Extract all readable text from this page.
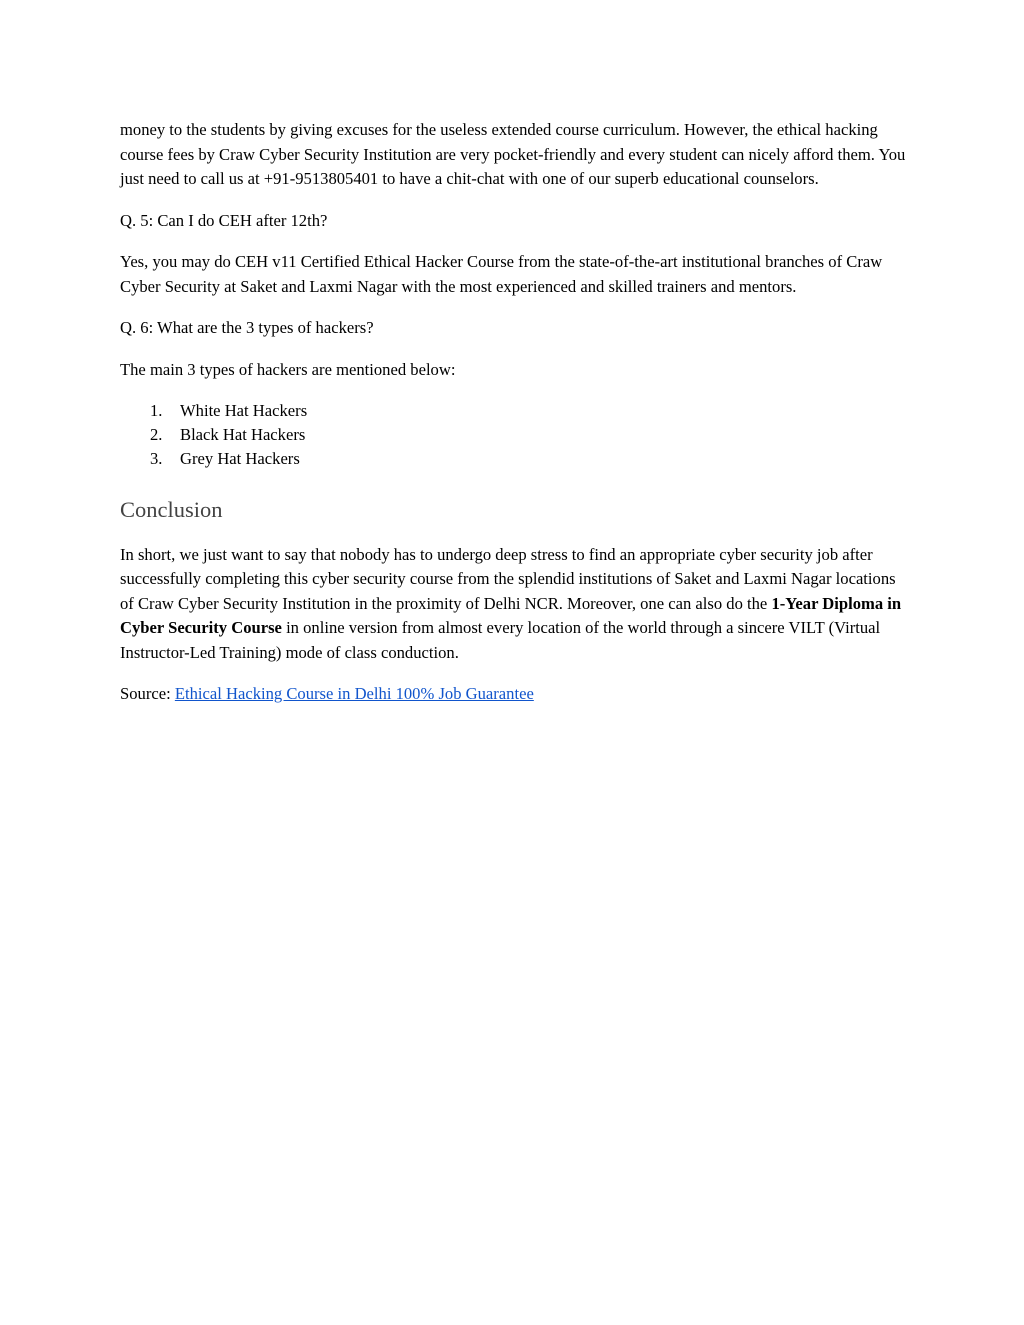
money to the students by giving excuses for the useless extended course curriculum. However, the ethical hacking course fees by Craw Cyber Security Institution are very pocket-friendly and every student can nicely afford them. You just need to call us at +91-9513805401 to have a chit-chat with one of our superb educational counselors.

Q. 5: Can I do CEH after 12th?

Yes, you may do CEH v11 Certified Ethical Hacker Course from the state-of-the-art institutional branches of Craw Cyber Security at Saket and Laxmi Nagar with the most experienced and skilled trainers and mentors.

Q. 6: What are the 3 types of hackers?

The main 3 types of hackers are mentioned below:

1.	White Hat Hackers
2.	Black Hat Hackers
3.	Grey Hat Hackers
Conclusion

In short, we just want to say that nobody has to undergo deep stress to find an appropriate cyber security job after successfully completing this cyber security course from the splendid institutions of Saket and Laxmi Nagar locations of Craw Cyber Security Institution in the proximity of Delhi NCR. Moreover, one can also do the 1-Year Diploma in Cyber Security Course in online version from almost every location of the world through a sincere VILT (Virtual Instructor-Led Training) mode of class conduction.

Source: Ethical Hacking Course in Delhi 100% Job Guarantee
